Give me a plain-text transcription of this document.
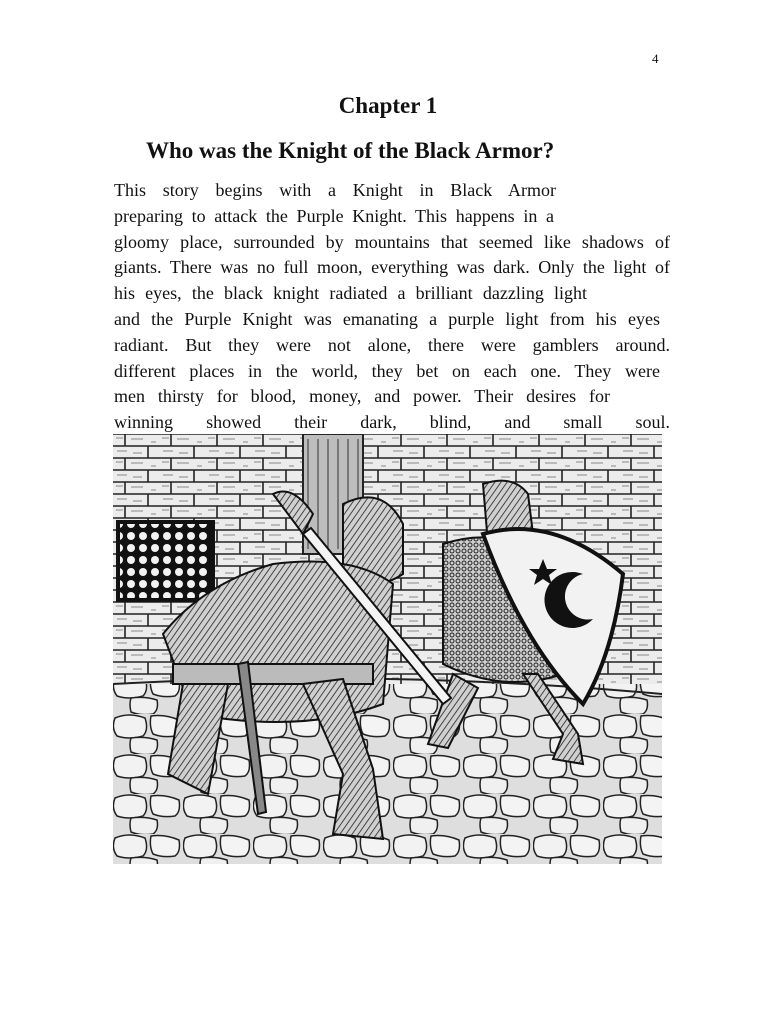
4
Chapter 1
Who was the Knight of the Black Armor?
This story begins with a Knight in Black Armor
preparing to attack the Purple Knight. This happens in a
gloomy place, surrounded by mountains that seemed like shadows of
giants. There was no full moon, everything was dark. Only the light of
his eyes, the black knight radiated a brilliant dazzling light
and the Purple Knight was emanating a purple light from his eyes
radiant. But they were not alone, there were gamblers around.
different places in the world, they bet on each one. They were
men thirsty for blood, money, and power. Their desires for
winning showed their dark, blind, and small soul.
